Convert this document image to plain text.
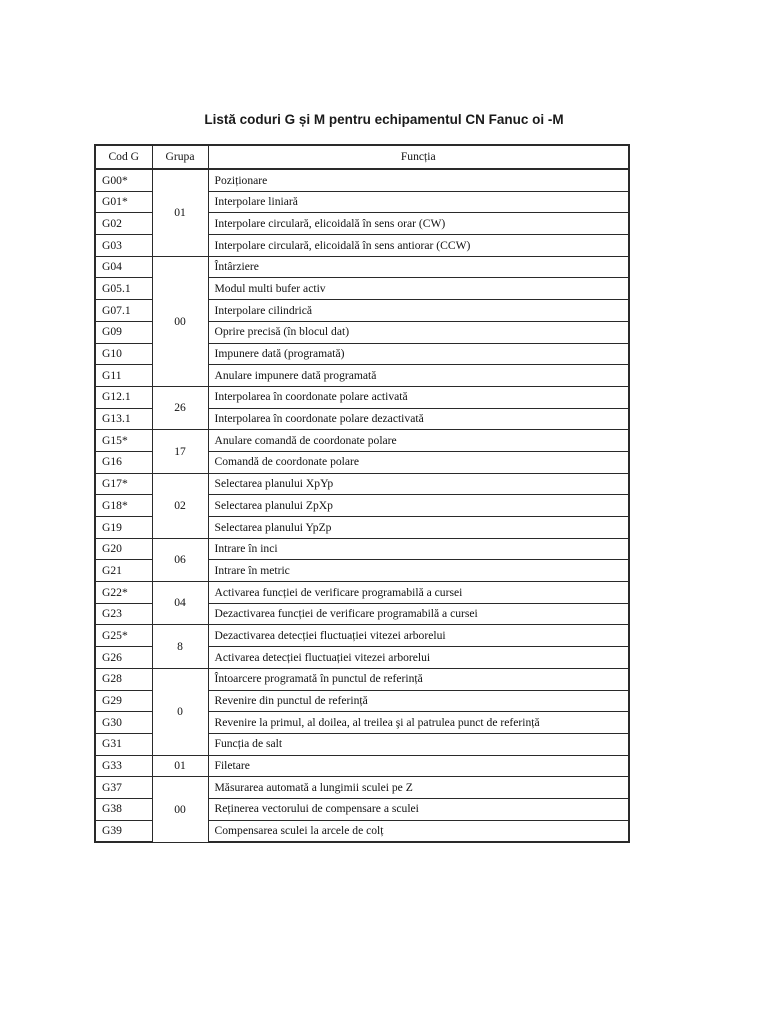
Listă coduri G și M pentru echipamentul CN Fanuc oi -M
Cod G	Grupa	Funcția
G00*	01	Poziționare
G01*		Interpolare liniară
G02		Interpolare circulară, elicoidală în sens orar (CW)
G03		Interpolare circulară, elicoidală în sens antiorar (CCW)
G04	00	Întârziere
G05.1		Modul multi bufer activ
G07.1		Interpolare cilindrică
G09		Oprire precisă (în blocul dat)
G10		Impunere dată (programată)
G11		Anulare impunere dată programată
G12.1	26	Interpolarea în coordonate polare activată
G13.1		Interpolarea în coordonate polare dezactivată
G15*	17	Anulare comandă de coordonate polare
G16		Comandă de coordonate polare
G17*	02	Selectarea planului XpYp
G18*		Selectarea planului ZpXp
G19		Selectarea planului YpZp
G20	06	Intrare în inci
G21		Intrare în metric
G22*	04	Activarea funcției de verificare programabilă a cursei
G23		Dezactivarea funcției de verificare programabilă a cursei
G25*	8	Dezactivarea detecției fluctuației vitezei arborelui
G26		Activarea detecției fluctuației vitezei arborelui
G28	0	Întoarcere programată în punctul de referință
G29		Revenire din punctul de referință
G30		Revenire la primul, al doilea, al treilea şi al patrulea punct de referință
G31		Funcția de salt
G33	01	Filetare
G37	00	Măsurarea automată a lungimii sculei pe Z
G38		Reținerea vectorului de compensare a sculei
G39		Compensarea sculei la arcele de colț
